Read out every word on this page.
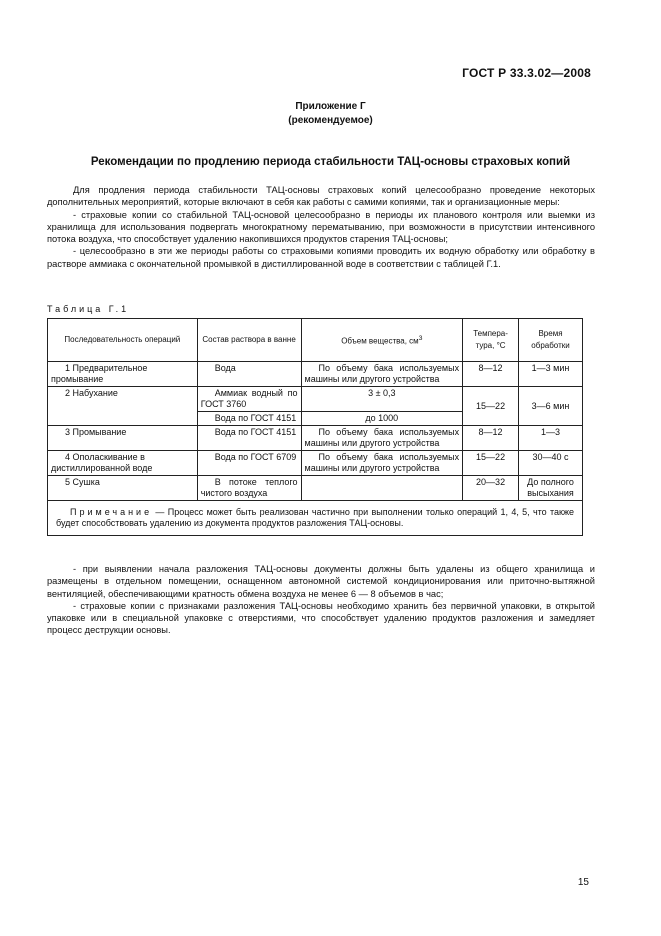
ГОСТ Р 33.3.02—2008
Приложение Г
(рекомендуемое)
Рекомендации по продлению периода стабильности ТАЦ-основы страховых копий

Для продления периода стабильности ТАЦ-основы страховых копий целесообразно проведение некоторых дополнительных мероприятий, которые включают в себя как работы с самими копиями, так и организационные меры:

- страховые копии со стабильной ТАЦ-основой целесообразно в периоды их планового контроля или выемки из хранилища для использования подвергать многократному перематыванию, при возможности в присутствии интенсивного потока воздуха, что способствует удалению накопившихся продуктов старения ТАЦ-основы;

- целесообразно в эти же периоды работы со страховыми копиями проводить их водную обработку или обработку в растворе аммиака с окончательной промывкой в дистиллированной воде в соответствии с таблицей Г.1.

Таблица Г.1
Последовательность операций	Состав раствора в ванне	Объем вещества, $см^3$	Темпера-тура, °С	Время обработки
1 Предварительное промывание	Вода	По объему бака используемых машины или другого устройства	8—12	1—3 мин
2 Набухание	Аммиак водный по ГОСТ 3760	3 ± 0,3	15—22	3—6 мин
	Вода по ГОСТ 4151	до 1000		
3 Промывание	Вода по ГОСТ 4151	По объему бака используемых машины или другого устройства	8—12	1—3
4 Ополаскивание в дистиллированной воде	Вода по ГОСТ 6709	По объему бака используемых машины или другого устройства	15—22	30—40 с
5 Сушка	В потоке теплого чистого воздуха		20—32	До полного высыхания
Примечание — Процесс может быть реализован частично при выполнении только операций 1, 4, 5, что также будет способствовать удалению из документа продуктов разложения ТАЦ-основы.				

- при выявлении начала разложения ТАЦ-основы документы должны быть удалены из общего хранилища и размещены в отдельном помещении, оснащенном автономной системой кондиционирования или приточно-вытяжной вентиляцией, обеспечивающими кратность обмена воздуха не менее 6 — 8 объемов в час;

- страховые копии с признаками разложения ТАЦ-основы необходимо хранить без первичной упаковки, в открытой упаковке или в специальной упаковке с отверстиями, что способствует удалению продуктов разложения и замедляет процесс деструкции основы.

15
